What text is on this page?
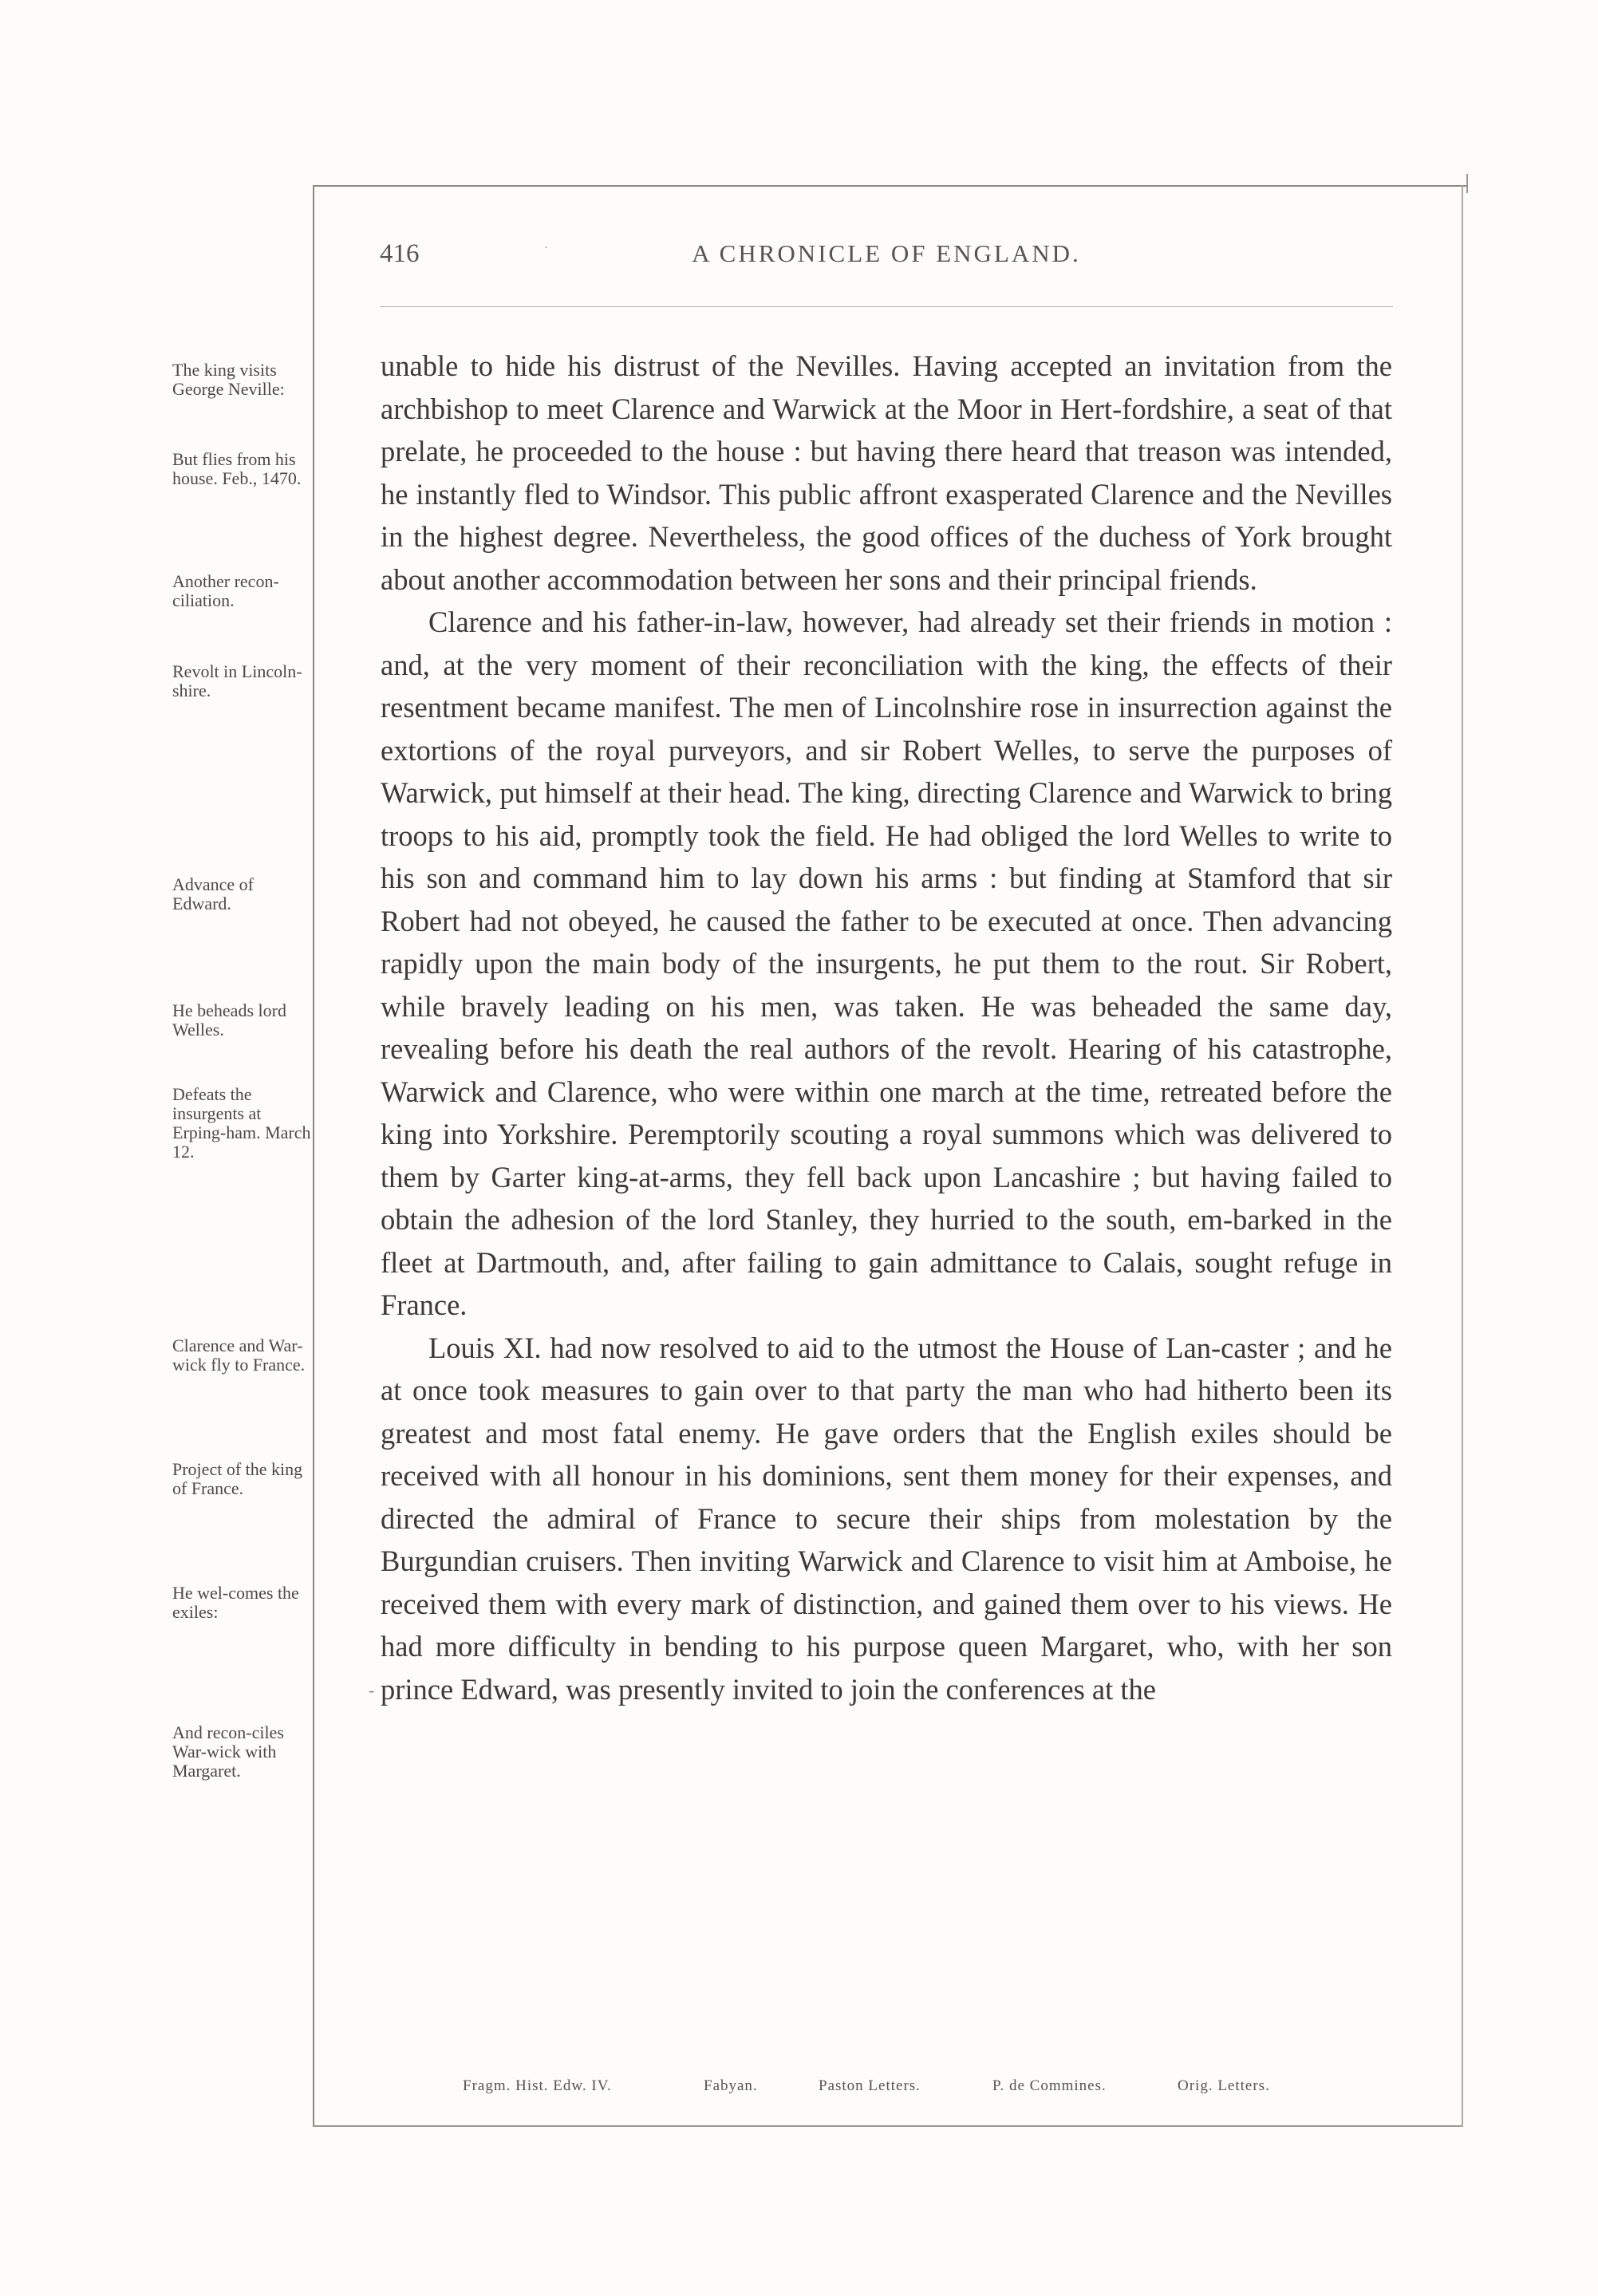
416	·	A CHRONICLE OF ENGLAND.
The king visits George Neville:
But flies from his house. Feb., 1470.
Another recon-ciliation.
Revolt in Lincoln-shire.
Advance of Edward.
He beheads lord Welles.
Defeats the insurgents at Erping-ham. March 12.
Clarence and War-wick fly to France.
Project of the king of France.
He wel-comes the exiles:
And recon-ciles War-wick with Margaret.

unable to hide his distrust of the Nevilles. Having accepted an invitation from the archbishop to meet Clarence and Warwick at the Moor in Hert-fordshire, a seat of that prelate, he proceeded to the house : but having there heard that treason was intended, he instantly fled to Windsor. This public affront exasperated Clarence and the Nevilles in the highest degree. Nevertheless, the good offices of the duchess of York brought about another accommodation between her sons and their principal friends.

Clarence and his father-in-law, however, had already set their friends in motion : and, at the very moment of their reconciliation with the king, the effects of their resentment became manifest. The men of Lincolnshire rose in insurrection against the extortions of the royal purveyors, and sir Robert Welles, to serve the purposes of Warwick, put himself at their head. The king, directing Clarence and Warwick to bring troops to his aid, promptly took the field. He had obliged the lord Welles to write to his son and command him to lay down his arms : but finding at Stamford that sir Robert had not obeyed, he caused the father to be executed at once. Then advancing rapidly upon the main body of the insurgents, he put them to the rout. Sir Robert, while bravely leading on his men, was taken. He was beheaded the same day, revealing before his death the real authors of the revolt. Hearing of his catastrophe, Warwick and Clarence, who were within one march at the time, retreated before the king into Yorkshire. Peremptorily scouting a royal summons which was delivered to them by Garter king-at-arms, they fell back upon Lancashire ; but having failed to obtain the adhesion of the lord Stanley, they hurried to the south, em-barked in the fleet at Dartmouth, and, after failing to gain admittance to Calais, sought refuge in France.

Louis XI. had now resolved to aid to the utmost the House of Lan-caster ; and he at once took measures to gain over to that party the man who had hitherto been its greatest and most fatal enemy. He gave orders that the English exiles should be received with all honour in his dominions, sent them money for their expenses, and directed the admiral of France to secure their ships from molestation by the Burgundian cruisers. Then inviting Warwick and Clarence to visit him at Amboise, he received them with every mark of distinction, and gained them over to his views. He had more difficulty in bending to his purpose queen Margaret, who, with her son prince Edward, was presently invited to join the conferences at the

-
Fragm. Hist. Edw. IV.	Fabyan.	Paston Letters.	P. de Commines.	Orig. Letters.
